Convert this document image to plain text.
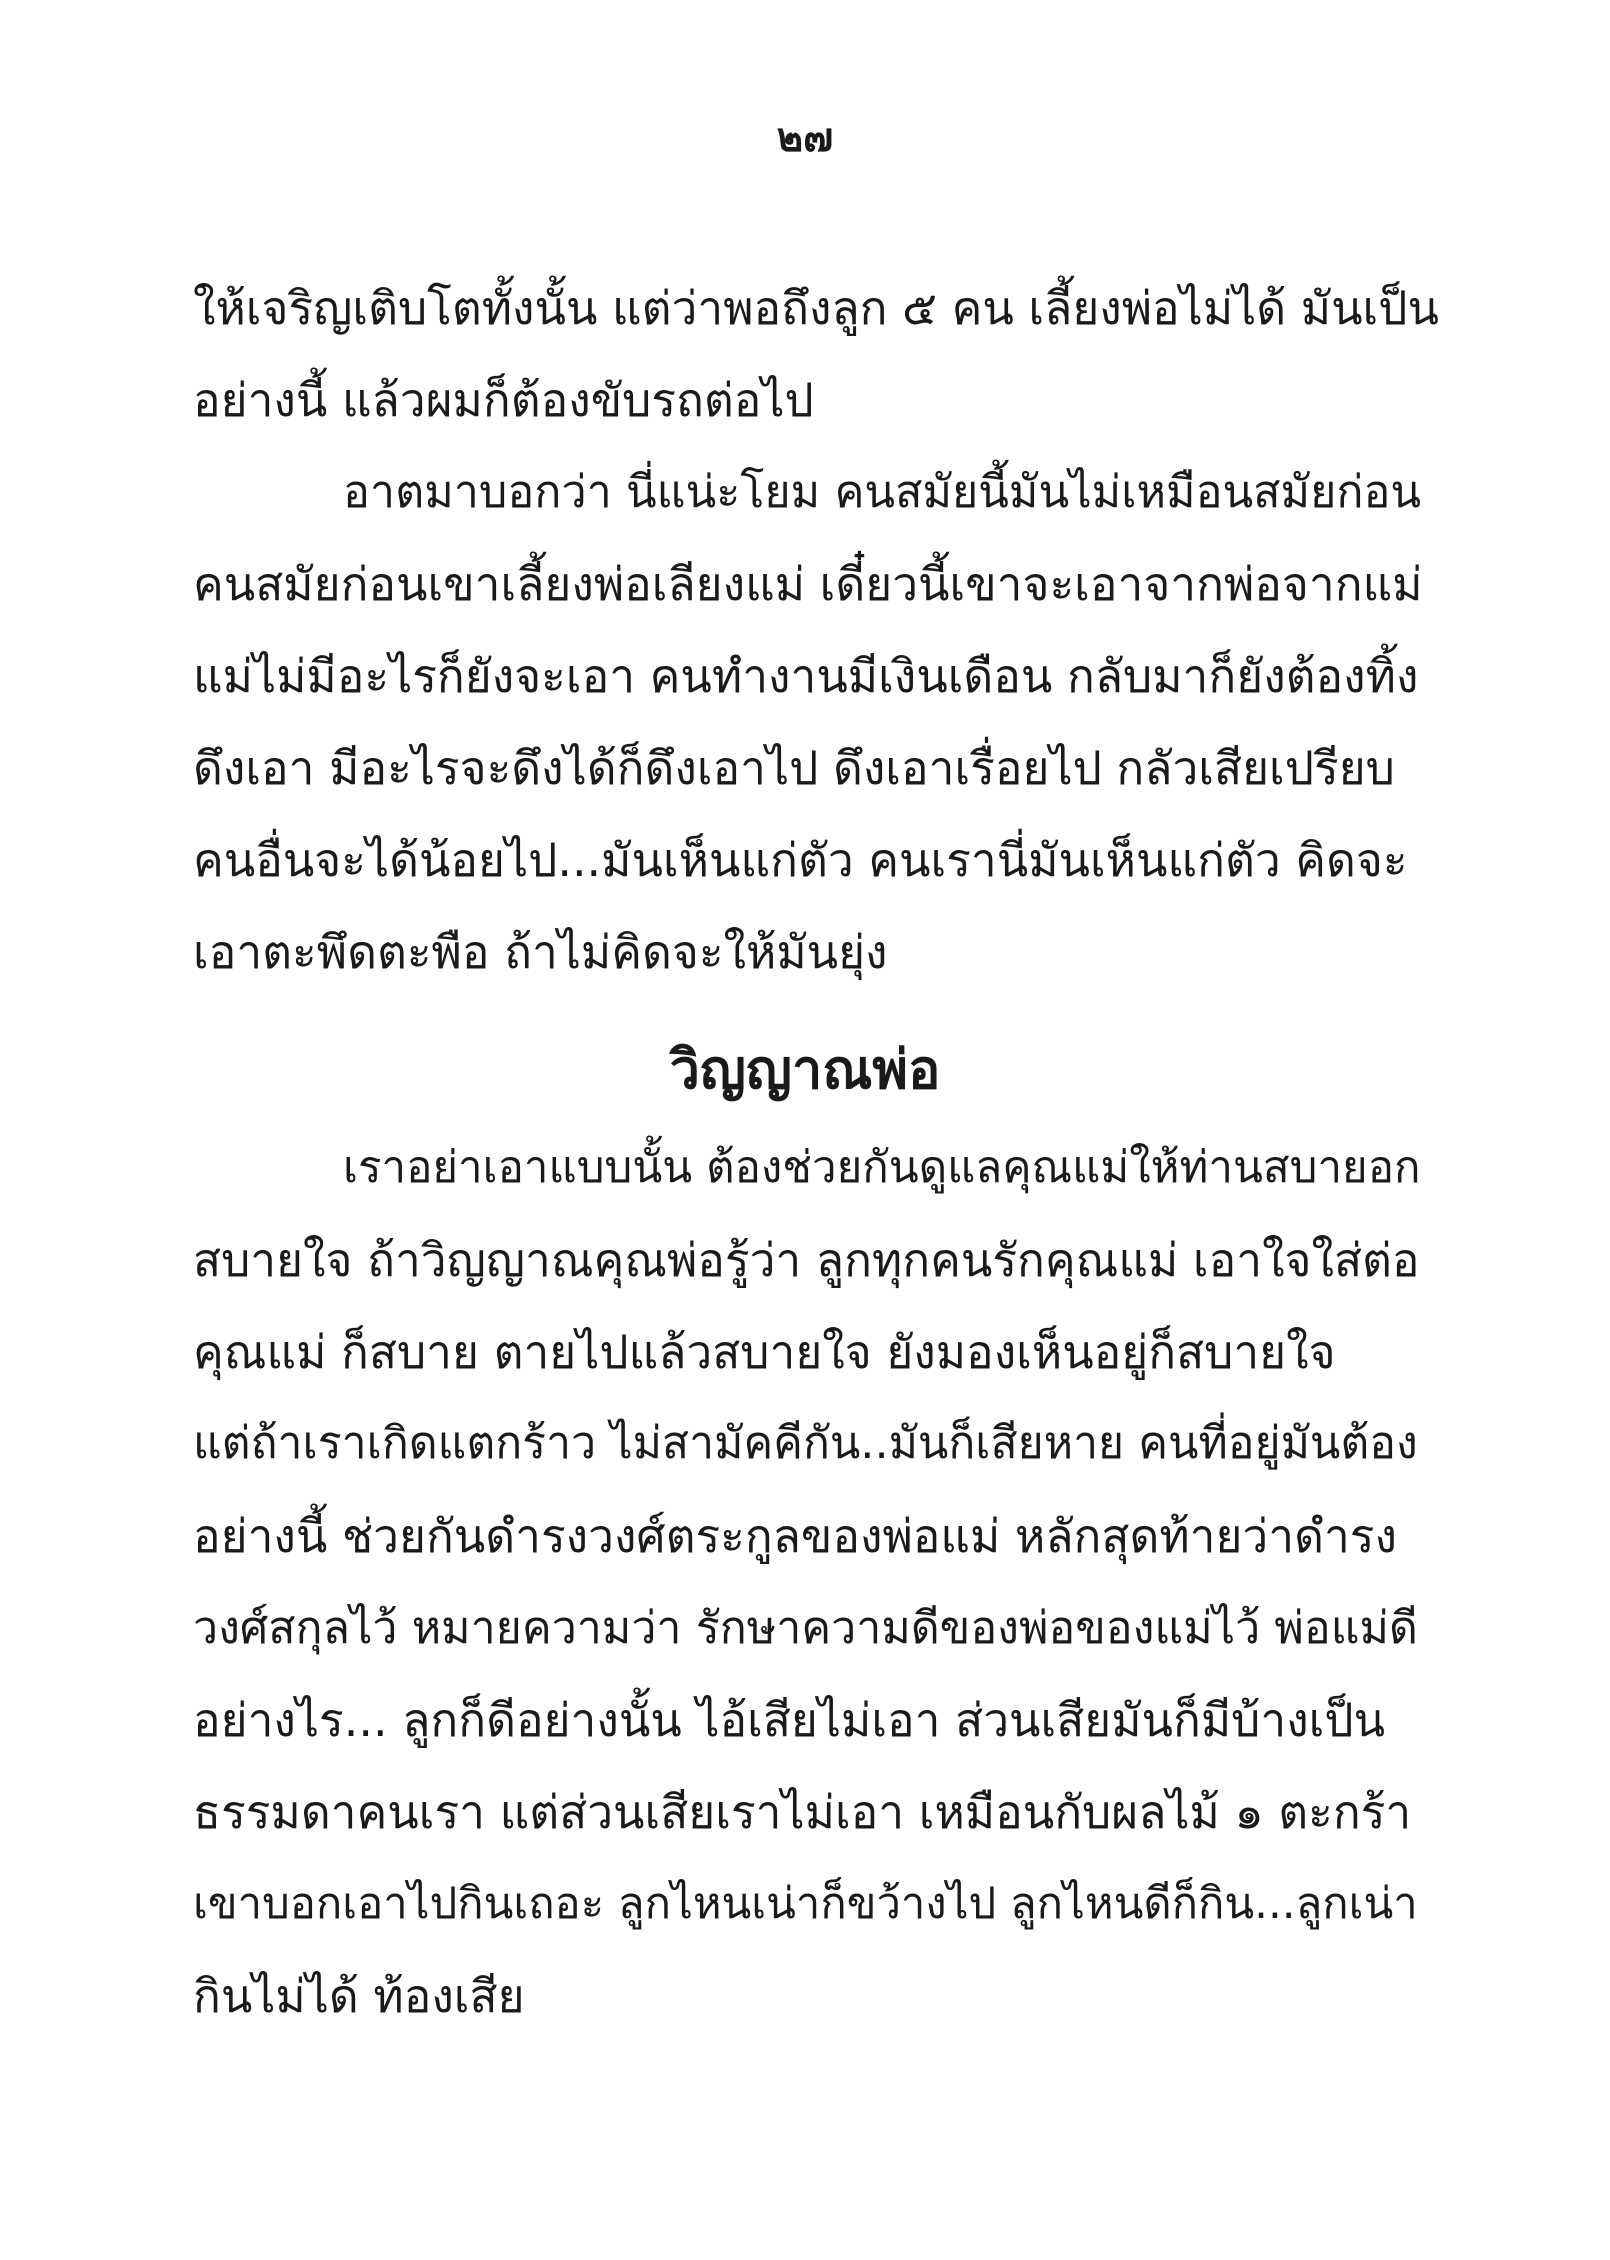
๒๗
ให้เจริญเติบโตทั้งนั้น แต่ว่าพอถึงลูก ๕ คน เลี้ยงพ่อไม่ได้ มันเป็น
อย่างนี้ แล้วผมก็ต้องขับรถต่อไป
อาตมาบอกว่า นี่แน่ะโยม คนสมัยนี้มันไม่เหมือนสมัยก่อน
คนสมัยก่อนเขาเลี้ยงพ่อเลียงแม่ เดี๋ยวนี้เขาจะเอาจากพ่อจากแม่
แม่ไม่มีอะไรก็ยังจะเอา คนทำงานมีเงินเดือน กลับมาก็ยังต้องทิ้ง
ดึงเอา มีอะไรจะดึงได้ก็ดึงเอาไป ดึงเอาเรื่อยไป กลัวเสียเปรียบ
คนอื่นจะได้น้อยไป...มันเห็นแก่ตัว คนเรานี่มันเห็นแก่ตัว คิดจะ
เอาตะพึดตะพือ ถ้าไม่คิดจะให้มันยุ่ง
วิญญาณพ่อ
เราอย่าเอาแบบนั้น ต้องช่วยกันดูแลคุณแม่ให้ท่านสบายอก
สบายใจ ถ้าวิญญาณคุณพ่อรู้ว่า ลูกทุกคนรักคุณแม่ เอาใจใส่ต่อ
คุณแม่ ก็สบาย ตายไปแล้วสบายใจ ยังมองเห็นอยู่ก็สบายใจ
แต่ถ้าเราเกิดแตกร้าว ไม่สามัคคีกัน..มันก็เสียหาย คนที่อยู่มันต้อง
อย่างนี้ ช่วยกันดำรงวงศ์ตระกูลของพ่อแม่ หลักสุดท้ายว่าดำรง
วงศ์สกุลไว้ หมายความว่า รักษาความดีของพ่อของแม่ไว้ พ่อแม่ดี
อย่างไร... ลูกก็ดีอย่างนั้น ไอ้เสียไม่เอา ส่วนเสียมันก็มีบ้างเป็น
ธรรมดาคนเรา แต่ส่วนเสียเราไม่เอา เหมือนกับผลไม้ ๑ ตะกร้า
เขาบอกเอาไปกินเถอะ ลูกไหนเน่าก็ขว้างไป ลูกไหนดีก็กิน...ลูกเน่า
กินไม่ได้ ท้องเสีย
